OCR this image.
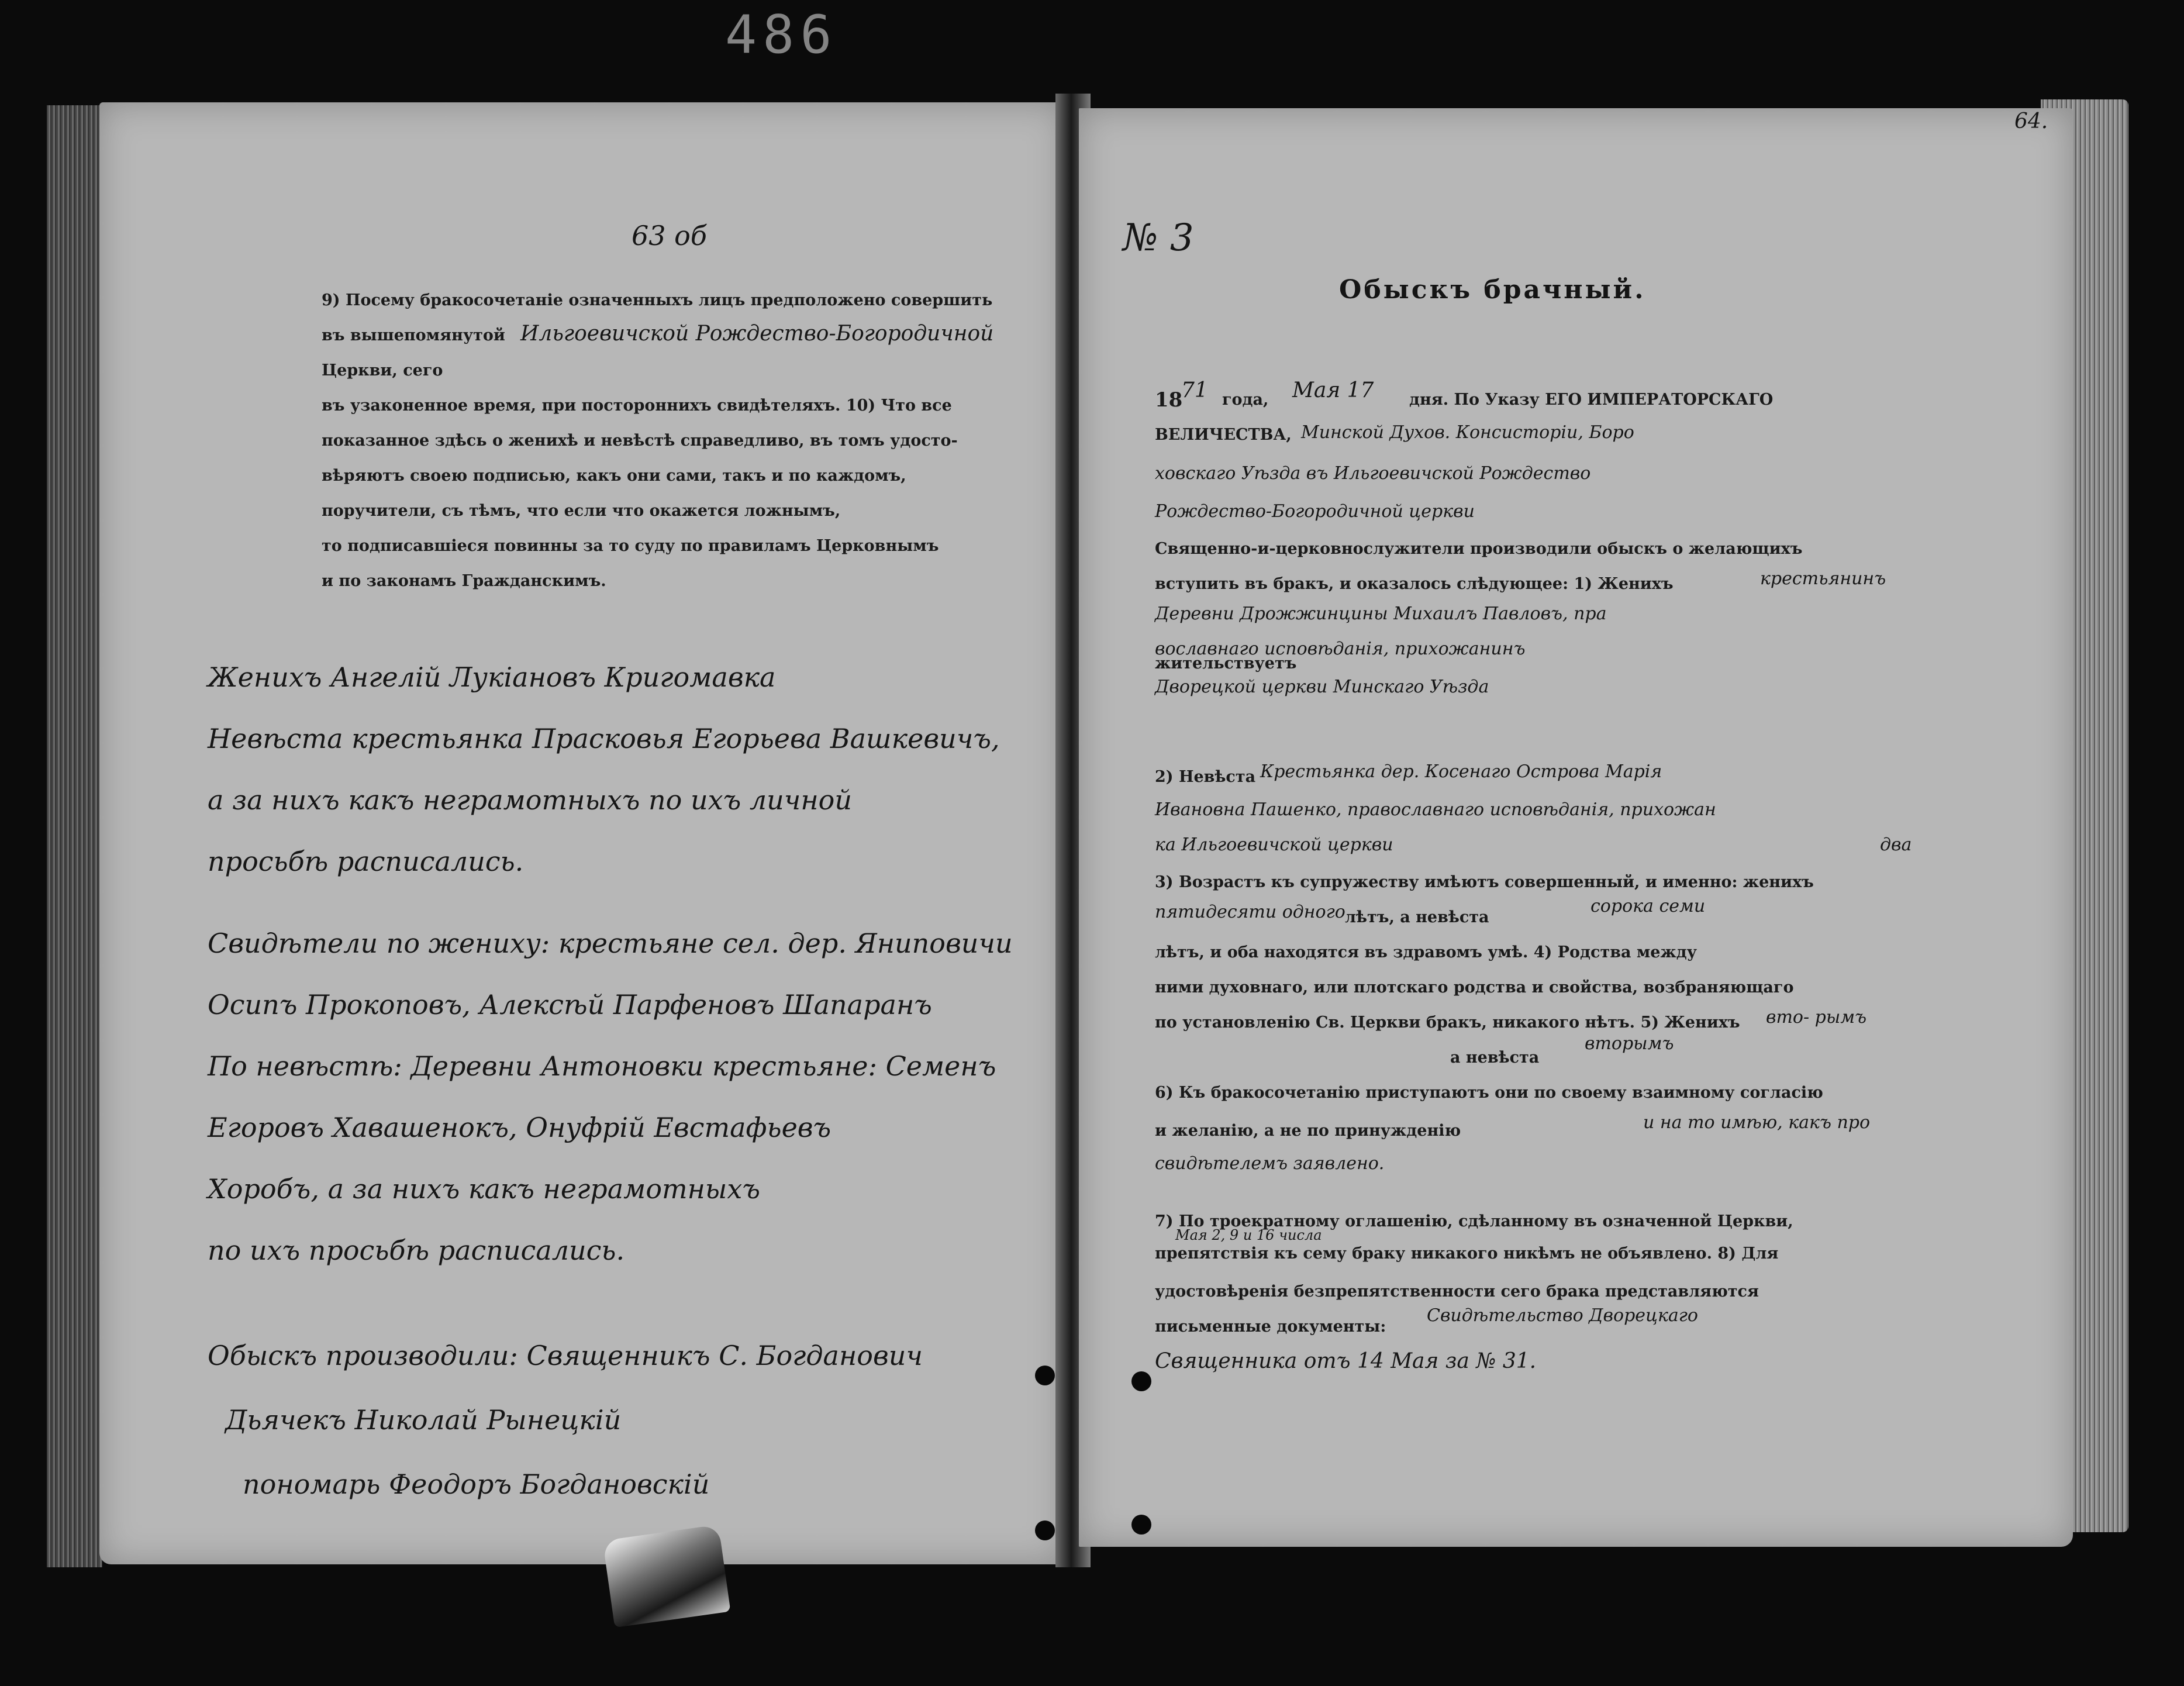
486
63 об
9) Посему бракосочетаніе означенныхъ лицъ предположено совершить
въ вышепомянутой Ильгоевичской Рождество-Богородичной
Церкви, сего
въ узаконенное время, при постороннихъ свидѣтеляхъ. 10) Что все
показанное здѣсь о женихѣ и невѣстѣ справедливо, въ томъ удосто-
вѣряютъ своею подписью, какъ они сами, такъ и по каждомъ,
поручители, съ тѣмъ, что если что окажется ложнымъ,
то подписавшіеся повинны за то суду по правиламъ Церковнымъ
и по законамъ Гражданскимъ.
Женихъ Ангелій Лукіановъ Кригомавка
Невѣста крестьянка Прасковья Егорьева Вашкевичъ,
а за нихъ какъ неграмотныхъ по ихъ личной
просьбѣ расписались.
Свидѣтели по жениху: крестьяне сел. дер. Яниповичи
Осипъ Прокоповъ, Алексѣй Парфеновъ Шапаранъ
По невѣстѣ: Деревни Антоновки крестьяне: Семенъ
Егоровъ Хавашенокъ, Онуфрій Евстафьевъ
Хоробъ, а за нихъ какъ неграмотныхъ
по ихъ просьбѣ расписались.
Обыскъ производили: Священникъ С. Богданович
Дьячекъ Николай Рынецкій
пономарь Феодоръ Богдановскій
64.
№ 3
Обыскъ брачный.
18
71 года, Мая 17 дня. По Указу ЕГО ИМПЕРАТОРСКАГО
ВЕЛИЧЕСТВА, Минской Духов. Консисторіи, Боро
ховскаго Уѣзда въ Ильгоевичской Рождество
Рождество-Богородичной церкви
Священно-и-церковнослужители производили обыскъ о желающихъ
вступить въ бракъ, и оказалось слѣдующее: 1) Женихъ	крестьянинъ
Деревни Дрожжинцины Михаилъ Павловъ, пра
вославнаго исповѣданія, прихожанинъ
жительствуетъ
Дворецкой церкви Минскаго Уѣзда
2) Невѣста Крестьянка дер. Косенаго Острова Марія
Ивановна Пашенко, православнаго исповѣданія, прихожан
ка Ильгоевичской церкви
3) Возрастъ къ супружеству имѣютъ совершенный, и именно: женихъ
два
пятидесяти одного лѣтъ, а невѣста
сорока семи
лѣтъ, и оба находятся въ здравомъ умѣ. 4) Родства между
ними духовнаго, или плотскаго родства и свойства, возбраняющаго
по установленію Св. Церкви бракъ, никакого нѣтъ. 5) Женихъ вто- рымъ
а невѣста
вторымъ
6) Къ бракосочетанію приступаютъ они по своему взаимному согласію
и желанію, а не по принужденію	и на то имѣю, какъ про
свидѣтелемъ заявлено.
7) По троекратному оглашенію, сдѣланному въ означенной Церкви,
Мая 2, 9 и 16 числа
препятствія къ сему браку никакого никѣмъ не объявлено. 8) Для
удостовѣренія безпрепятственности сего брака представляются
письменные документы:
Свидѣтельство Дворецкаго
Священника отъ 14 Мая за № 31.
